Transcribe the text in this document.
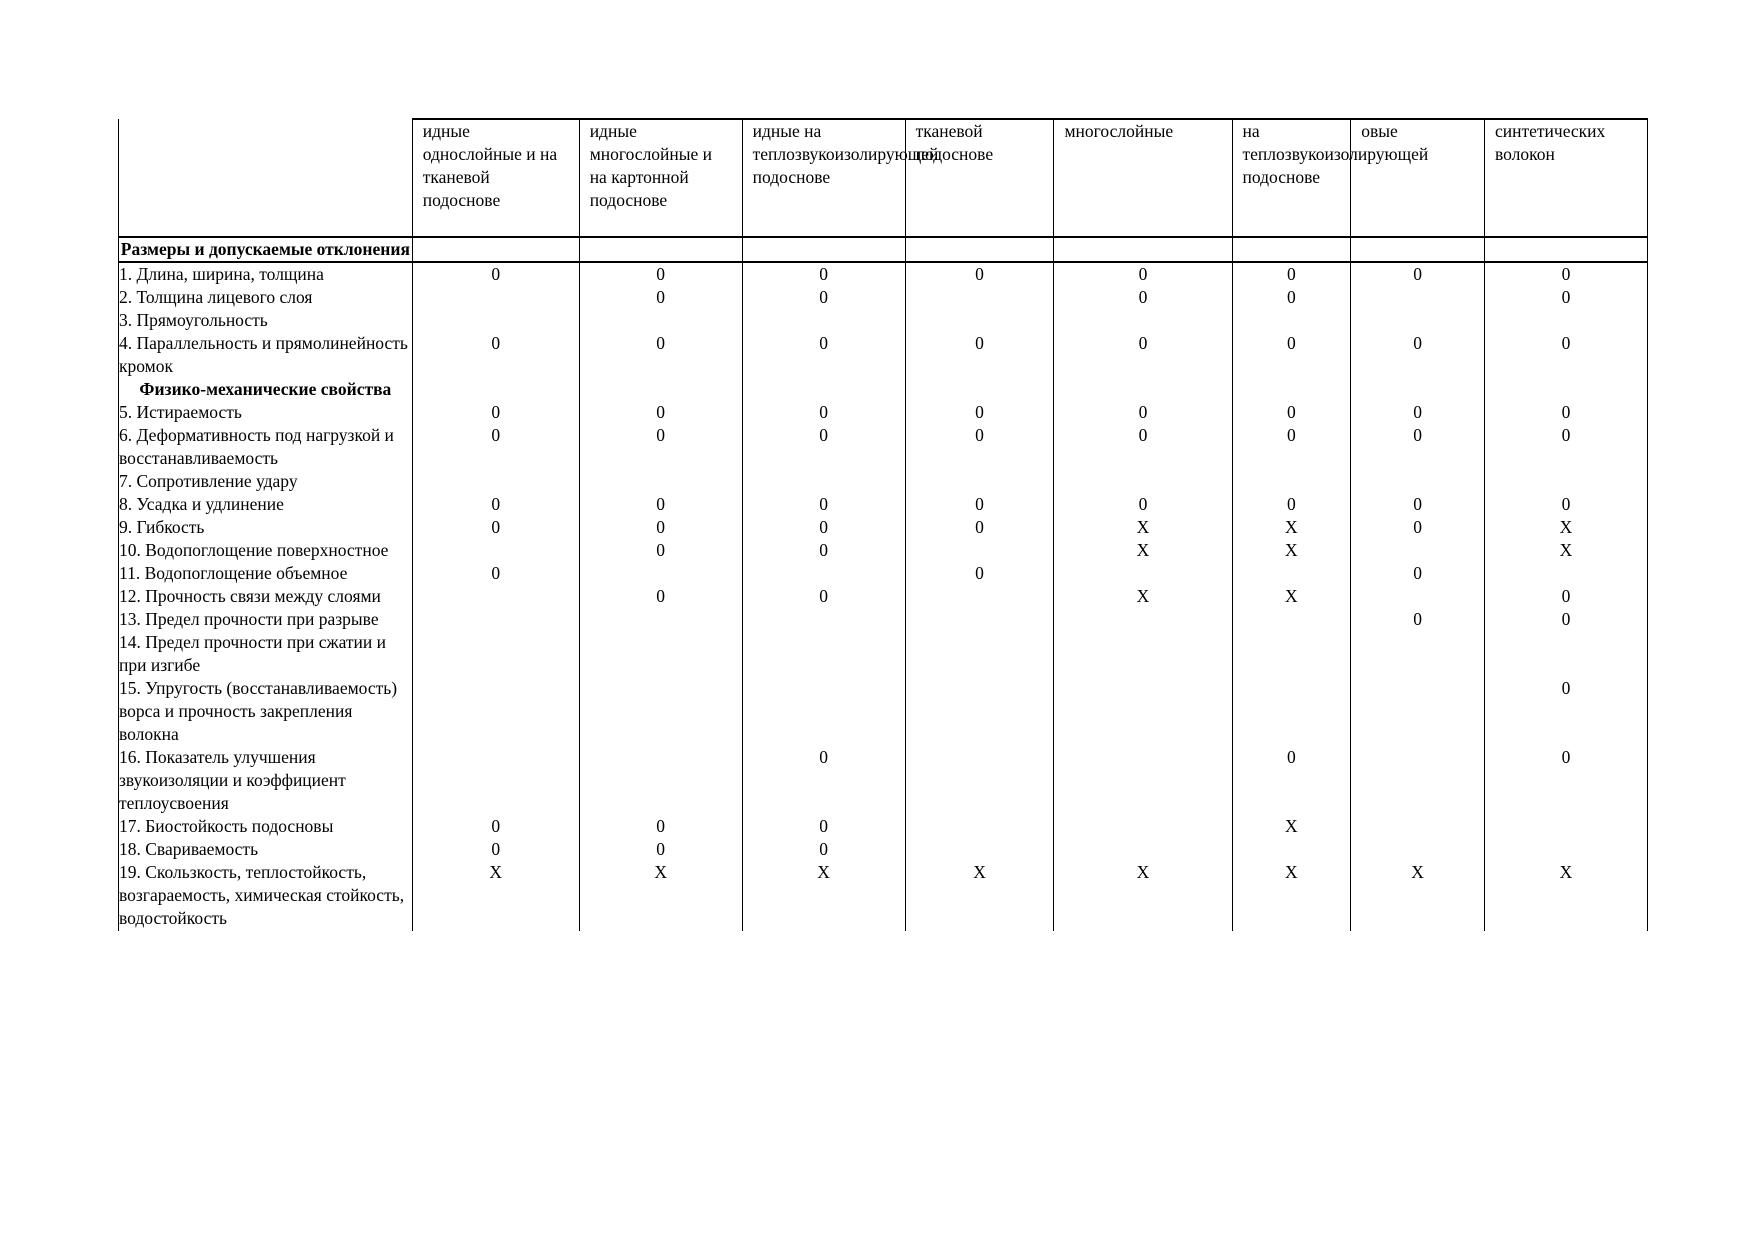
	идные однослойные и на тканевой подоснове	идные многослойные и на картонной подоснове	идные на теплозвукоизолирующей подоснове	тканевой подоснове	многослойные	на теплозвукоизолирующей подоснове	овые	синтетических волокон
Размеры и допускаемые отклонения								
1. Длина, ширина, толщина	0	0	0	0	0	0	0	0
2. Толщина лицевого слоя		0	0		0	0		0
3. Прямоугольность								
4. Параллельность и прямолинейность кромок	0	0	0	0	0	0	0	0
Физико-механические свойства								
5. Истираемость	0	0	0	0	0	0	0	0
6. Деформативность под нагрузкой и восстанавливаемость	0	0	0	0	0	0	0	0
7. Сопротивление удару								
8. Усадка и удлинение	0	0	0	0	0	0	0	0
9. Гибкость	0	0	0	0	X	X	0	X
10. Водопоглощение поверхностное		0	0		X	X		X
11. Водопоглощение объемное	0			0			0	
12. Прочность связи между слоями		0	0		X	X		0
13. Предел прочности при разрыве							0	0
14. Предел прочности при сжатии и при изгибе								
15. Упругость (восстанавливаемость) ворса и прочность закрепления волокна								0
16. Показатель улучшения звукоизоляции и коэффициент теплоусвоения			0			0		0
17. Биостойкость подосновы	0	0	0			X		
18. Свариваемость	0	0	0					
19. Скользкость, теплостойкость, возгараемость, химическая стойкость, водостойкость	X	X	X	X	X	X	X	X
